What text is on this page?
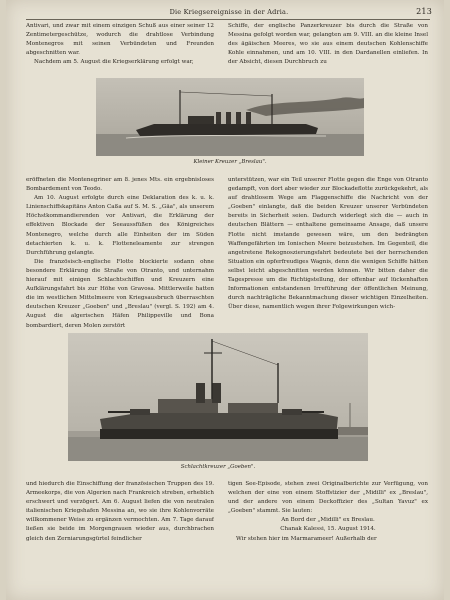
Die Kriegsereignisse in der Adria.	213

Antivari, und zwar mit einem einzigen Schuß aus einer seiner 12 Zentimetergeschütze, wodurch die drahtlose Verbindung Montenegros mit seinen Verbündeten und Freunden abgeschnitten war.

Nachdem am 5. August die Kriegserklärung erfolgt war,

Schiffe, der englische Panzerkreuzer bis durch die Straße von Messina gefolgt worden war, gelangten am 9. VIII. an die kleine Insel des ägäischen Meeres, wo sie aus einem deutschen Kohlenschiffe Kohle einnahmen, und am 10. VIII. in den Dardanellen einliefen. In der Absicht, diesen Durchbruch zu

Kleiner Kreuzer „Breslau".

eröffneten die Montenegriner am 8. jenes Mts. ein ergebnisloses Bombardement von Teodo.

Am 10. August erfolgte durch eine Deklaration des k. u. k. Linienschiffskapitäns Anton Caßa auf S. M. S. „Gäa", als unserem Höchstkommandierenden vor Antivari, die Erklärung der effektiven Blockade der Seeaussfüßen des Königreiches Montenegro, welche durch alle Einheiten der im Süden detachierten k. u. k. Flotteneleamente zur strengen Durchführung gelangte.

Die französisch-englische Flotte blockierte sodann ohne besondere Erklärung die Straße von Otranto, und unternahm hierauf mit einigen Schlachtschiffen und Kreuzern eine Aufklärungsfahrt bis zur Höhe von Gravosa. Mittlerweile hatten die im westlichen Mittelmeere von Kriegsausbruch überraschten deutschen Kreuzer „Goeben" und „Breslau" (vergl. S. 192) am 4. August die algerischen Häfen Philippeville und Bona bombardiert, deren Molen zerstört

unterstützen, war ein Teil unserer Flotte gegen die Enge von Otranto gedampft, von dort aber wieder zur Blockadeflotte zurückgekehrt, als auf drahtlosem Wege am Flaggenschiffe die Nachricht von der „Goeben" einlangte, daß die beiden Kreuzer unserer Verbündeten bereits in Sicherheit seien. Dadurch widerlegt sich die — auch in deutschen Blättern — enthaltene gemeinsame Ansage, daß unsere Flotte nicht imstande gewesen wäre, um den bedrängten Waffengefährten im Ionischen Meere beizustehen. Im Gegenteil, die angetretene Rekognoszierungsfahrt bedeutete bei der herrschenden Situation ein opferfreudiges Wagnis, denn die wenigen Schiffe hätten selbst leicht abgeschnitten werden können. Wir bitten daher die Tagespresse um die Richtigstellung, der offenbar auf lückenhaften Informationen entstandenen Irreführung der öffentlichen Meinung, durch nachträgliche Bekanntmachung dieser wichtigen Einzelheiten. Über diese, namentlich wegen ihrer Folgewirkungen wich-

Schlachtkreuzer „Goeben".

und hiedurch die Einschiffung der französischen Truppen des 19. Armeekorps, die von Algerien nach Frankreich streben, erheblich erschwert und verzögert. Am 6. August liefen die von neutralen italienischen Kriegshafen Messina an, wo sie ihre Kohlenvorräte willkommener Weise zu ergänzen vermochten. Am 7. Tage darauf ließen sie beide im Morgengrauen wieder aus, durchbrachen gleich den Zerniarungsgürtel feindlicher

tigen See-Episode, stehen zwei Originalberichte zur Verfügung, von welchen der eine von einem Stoffstizier der „Midilli" ex „Breslau", und der andere von einem Deckoffizier des „Sultan Yavuz" ex „Goeben" stammt. Sie lauten:

An Bord der „Midilli" ex Breslau.

Chanak Kalessi, 15. August 1914.

Wir stehen hier im Marmarameer! Außerhalb der
